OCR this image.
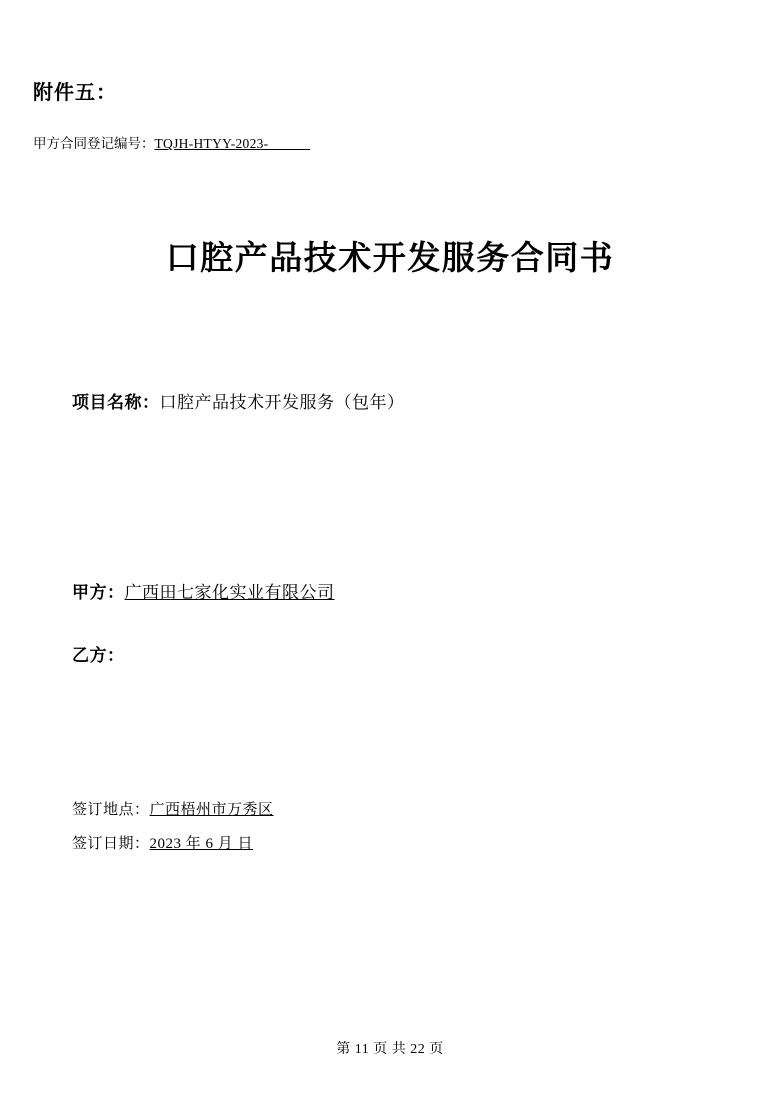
附件五：
甲方合同登记编号：TQJH-HTYY-2023-
口腔产品技术开发服务合同书
项目名称：口腔产品技术开发服务（包年）
甲方：广西田七家化实业有限公司
乙方：
签订地点：广西梧州市万秀区
签订日期：2023 年 6 月 日
第 11 页 共 22 页
